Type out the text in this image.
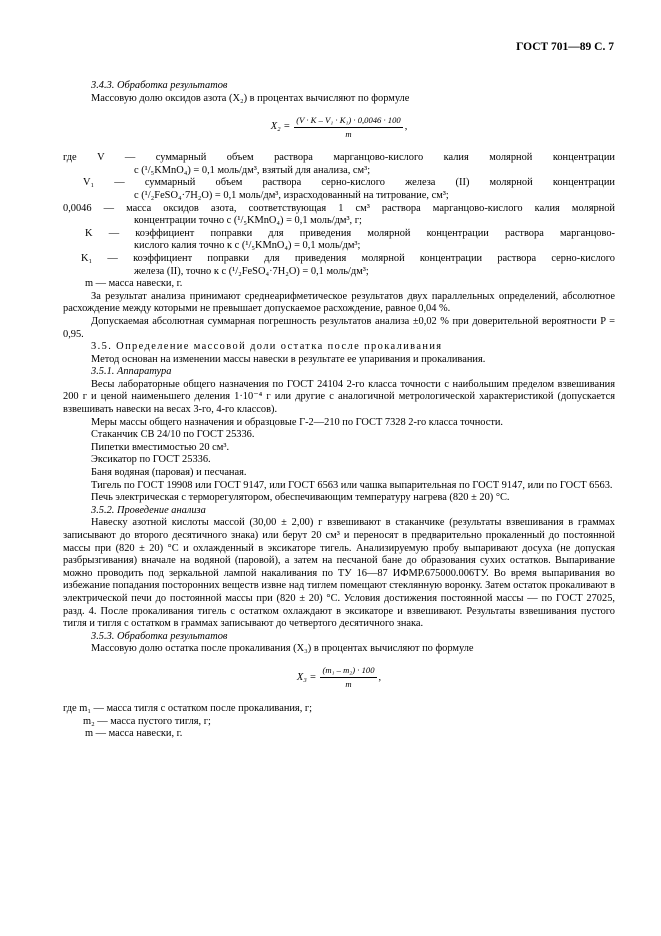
ГОСТ 701—89 С. 7
3.4.3. Обработка результатов
Массовую долю оксидов азота (X₂) в процентах вычисляют по формуле
$X_2 = \frac{\text{(V · K – V₁ · K₁) · 0,0046 · 100}}{m}$ ,
где V — суммарный объем раствора марганцово-кислого калия молярной концентрации
с (¹/₅KMnO₄) = 0,1 моль/дм³, взятый для анализа, см³;
V₁ — суммарный объем раствора серно-кислого железа (II) молярной концентрации
с (¹/₂FeSO₄·7H₂O) = 0,1 моль/дм³, израсходованный на титрование, см³;
0,0046 — масса оксидов азота, соответствующая 1 см³ раствора марганцово-кислого калия молярной
концентрации точно с (¹/₅KMnO₄) = 0,1 моль/дм³, г;
K — коэффициент поправки для приведения молярной концентрации раствора марганцово-
кислого калия точно к с (¹/₅KMnO₄) = 0,1 моль/дм³;
K₁ — коэффициент поправки для приведения молярной концентрации раствора серно-кислого
железа (II), точно к с (¹/₂FeSO₄·7H₂O) = 0,1 моль/дм³;
m — масса навески, г.
За результат анализа принимают среднеарифметическое результатов двух параллельных определений, абсолютное расхождение между которыми не превышает допускаемое расхождение, равное 0,04 %.
Допускаемая абсолютная суммарная погрешность результатов анализа ±0,02 % при доверительной вероятности P = 0,95.
3.5. Определение массовой доли остатка после прокаливания
Метод основан на изменении массы навески в результате ее упаривания и прокаливания.
3.5.1. Аппаратура
Весы лабораторные общего назначения по ГОСТ 24104 2-го класса точности с наибольшим пределом взвешивания 200 г и ценой наименьшего деления 1·10⁻⁴ г или другие с аналогичной метрологической характеристикой (допускается взвешивать навески на весах 3-го, 4-го классов).
Меры массы общего назначения и образцовые Г-2—210 по ГОСТ 7328 2-го класса точности.
Стаканчик СВ 24/10 по ГОСТ 25336.
Пипетки вместимостью 20 см³.
Эксикатор по ГОСТ 25336.
Баня водяная (паровая) и песчаная.
Тигель по ГОСТ 19908 или ГОСТ 9147, или ГОСТ 6563 или чашка выпарительная по ГОСТ 9147, или по ГОСТ 6563.
Печь электрическая с терморегулятором, обеспечивающим температуру нагрева (820 ± 20) °С.
3.5.2. Проведение анализа
Навеску азотной кислоты массой (30,00 ± 2,00) г взвешивают в стаканчике (результаты взвешивания в граммах записывают до второго десятичного знака) или берут 20 см³ и переносят в предварительно прокаленный до постоянной массы при (820 ± 20) °С и охлажденный в эксикаторе тигель. Анализируемую пробу выпаривают досуха (не допуская разбрызгивания) вначале на водяной (паровой), а затем на песчаной бане до образования сухих остатков. Выпаривание можно проводить под зеркальной лампой накаливания по ТУ 16—87 ИФМР.675000.006ТУ. Во время выпаривания во избежание попадания посторонних веществ извне над тиглем помещают стеклянную воронку. Затем остаток прокаливают в электрической печи до постоянной массы при (820 ± 20) °С. Условия достижения постоянной массы — по ГОСТ 27025, разд. 4. После прокаливания тигель с остатком охлаждают в эксикаторе и взвешивают. Результаты взвешивания пустого тигля и тигля с остатком в граммах записывают до четвертого десятичного знака.
3.5.3. Обработка результатов
Массовую долю остатка после прокаливания (X₃) в процентах вычисляют по формуле
$X_3 = \frac{\text{(m₁ – m₂) · 100}}{m}$ ,
где m₁ — масса тигля с остатком после прокаливания, г;
m₂ — масса пустого тигля, г;
m — масса навески, г.
